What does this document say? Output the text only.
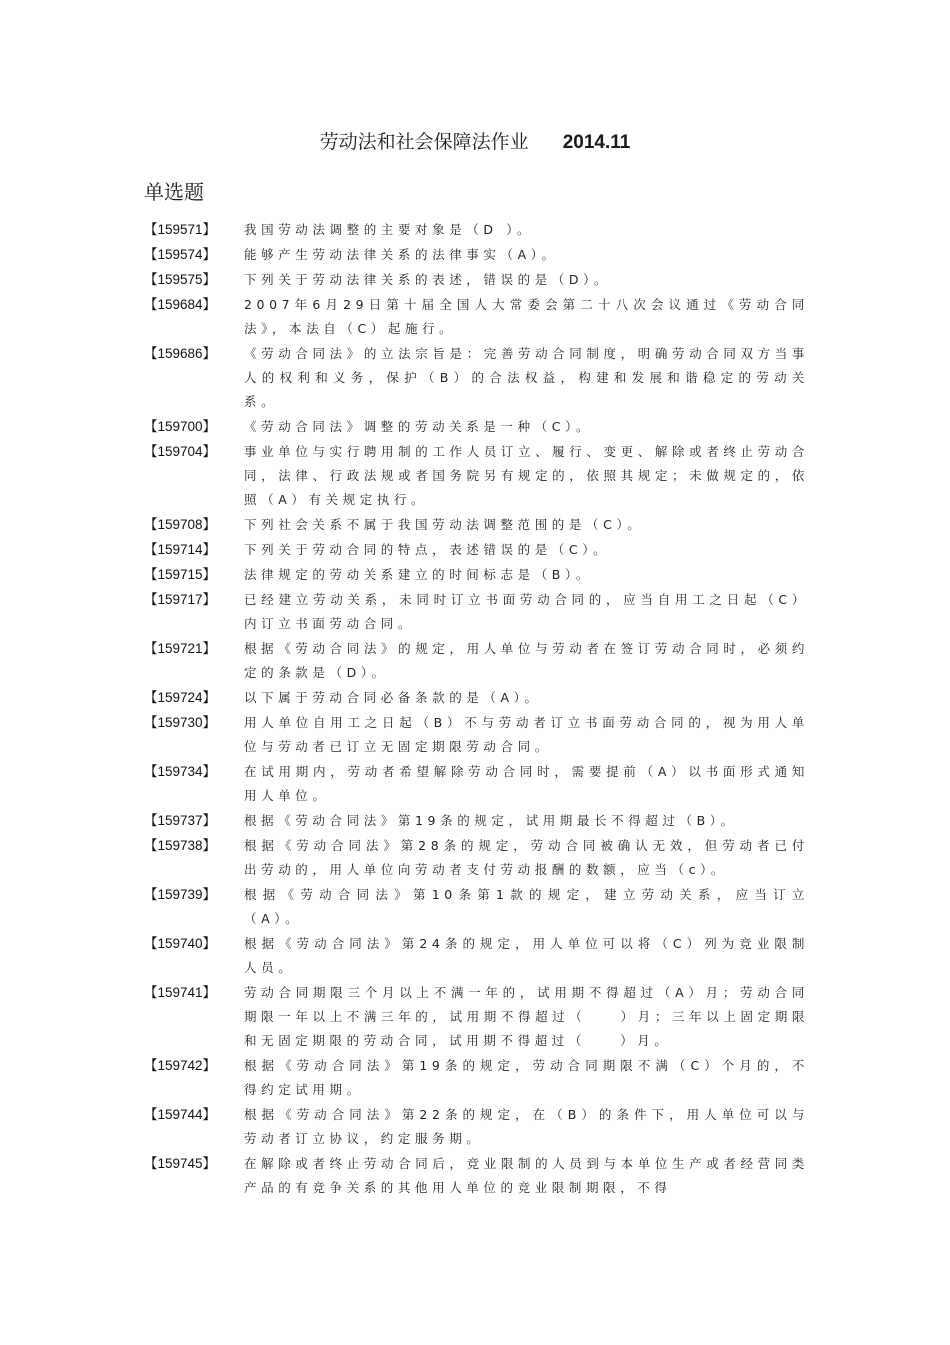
劳动法和社会保障法作业 2014.11
单选题
【159571】	我国劳动法调整的主要对象是（D ）。
【159574】	能够产生劳动法律关系的法律事实（A）。
【159575】	下列关于劳动法律关系的表述，错误的是（D）。
【159684】	2007年6月29日第十届全国人大常委会第二十八次会议通过《劳动合同法》，本法自（C）起施行。
【159686】	《劳动合同法》的立法宗旨是：完善劳动合同制度，明确劳动合同双方当事人的权利和义务，保护（B）的合法权益，构建和发展和谐稳定的劳动关系。
【159700】	《劳动合同法》调整的劳动关系是一种（C）。
【159704】	事业单位与实行聘用制的工作人员订立、履行、变更、解除或者终止劳动合同，法律、行政法规或者国务院另有规定的，依照其规定；未做规定的，依照（A）有关规定执行。
【159708】	下列社会关系不属于我国劳动法调整范围的是（C）。
【159714】	下列关于劳动合同的特点，表述错误的是（C）。
【159715】	法律规定的劳动关系建立的时间标志是（B）。
【159717】	已经建立劳动关系，未同时订立书面劳动合同的，应当自用工之日起（C）内订立书面劳动合同。
【159721】	根据《劳动合同法》的规定，用人单位与劳动者在签订劳动合同时，必须约定的条款是（D）。
【159724】	以下属于劳动合同必备条款的是（A）。
【159730】	用人单位自用工之日起（B）不与劳动者订立书面劳动合同的，视为用人单位与劳动者已订立无固定期限劳动合同。
【159734】	在试用期内，劳动者希望解除劳动合同时，需要提前（A）以书面形式通知用人单位。
【159737】	根据《劳动合同法》第19条的规定，试用期最长不得超过（B）。
【159738】	根据《劳动合同法》第28条的规定，劳动合同被确认无效，但劳动者已付出劳动的，用人单位向劳动者支付劳动报酬的数额，应当（c）。
【159739】	根据《劳动合同法》第10条第1款的规定，建立劳动关系，应当订立（A）。
【159740】	根据《劳动合同法》第24条的规定，用人单位可以将（C）列为竞业限制人员。
【159741】	劳动合同期限三个月以上不满一年的，试用期不得超过（A）月；劳动合同期限一年以上不满三年的，试用期不得超过（　　）月；三年以上固定期限和无固定期限的劳动合同，试用期不得超过（　　）月。
【159742】	根据《劳动合同法》第19条的规定，劳动合同期限不满（C）个月的，不得约定试用期。
【159744】	根据《劳动合同法》第22条的规定，在（B）的条件下，用人单位可以与劳动者订立协议，约定服务期。
【159745】	在解除或者终止劳动合同后，竞业限制的人员到与本单位生产或者经营同类产品的有竞争关系的其他用人单位的竞业限制期限，不得
